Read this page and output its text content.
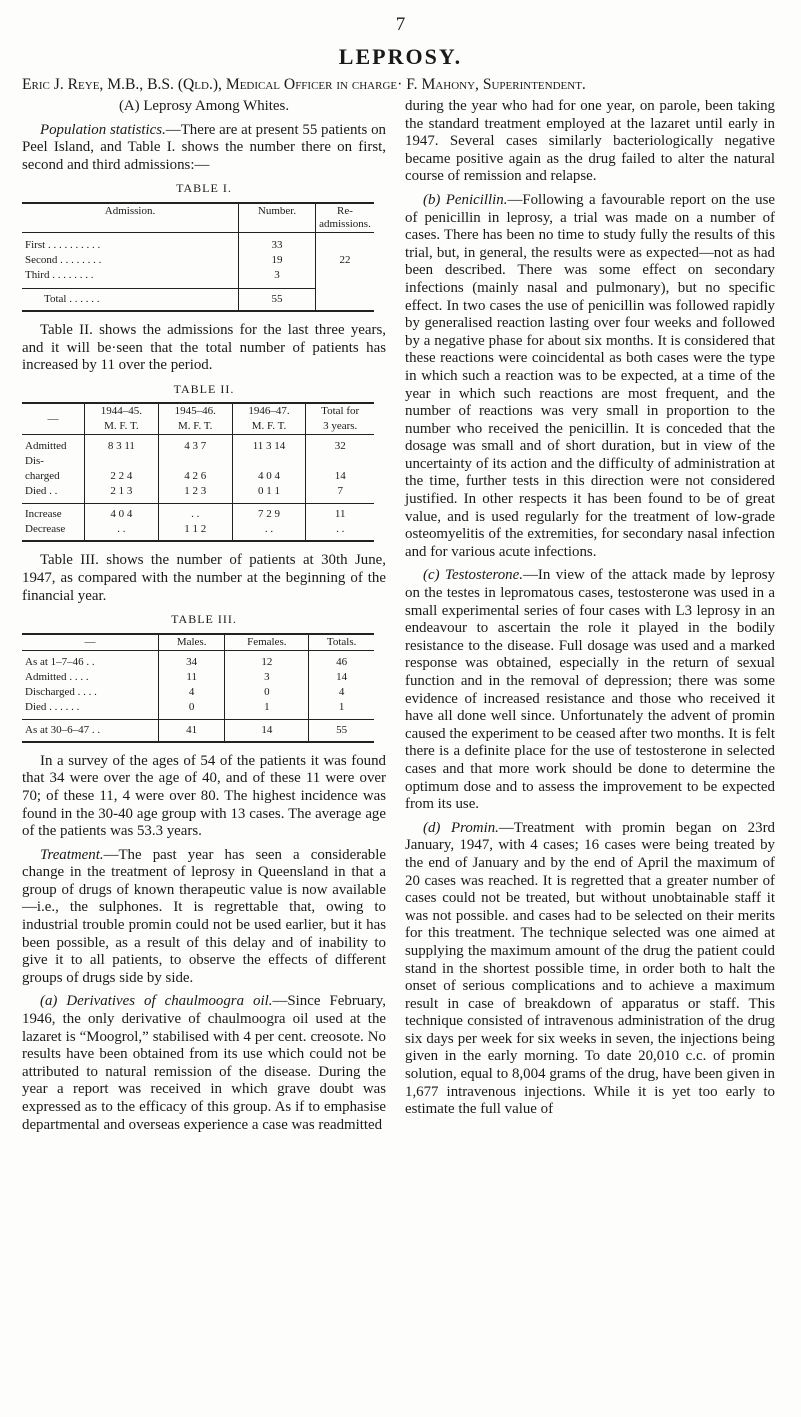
7
LEPROSY.
Eric J. Reye, M.B., B.S. (Qld.), Medical Officer in charge· F. Mahony, Superintendent.

(A) Leprosy Among Whites.

Population statistics.—There are at present 55 patients on Peel Island, and Table I. shows the number there on first, second and third admissions:—

TABLE I.
Admission.	Number.	Re-admissions.
First . . . . . . . . . .	33	22
Second . . . . . . . .	19	
Third . . . . . . . .	3	
Total . . . . . .	55	

Table II. shows the admissions for the last three years, and it will be·seen that the total number of patients has increased by 11 over the period.

TABLE II.
—	1944–45.	1945–46.	1946–47.	Total for
	M. F. T.	M. F. T.	M. F. T.	3 years.
Admitted	8 3 11	4 3 7	11 3 14	32
Dis-				
charged	2 2 4	4 2 6	4 0 4	14
Died . .	2 1 3	1 2 3	0 1 1	7
Increase	4 0 4	. .	7 2 9	11
Decrease	. .	1 1 2	. .	. .

Table III. shows the number of patients at 30th June, 1947, as compared with the number at the beginning of the financial year.

TABLE III.
—	Males.	Females.	Totals.
As at 1–7–46 . .	34	12	46
Admitted . . . .	11	3	14
Discharged . . . .	4	0	4
Died . . . . . .	0	1	1
As at 30–6–47 . .	41	14	55

In a survey of the ages of 54 of the patients it was found that 34 were over the age of 40, and of these 11 were over 70; of these 11, 4 were over 80. The highest incidence was found in the 30-40 age group with 13 cases. The average age of the patients was 53.3 years.

Treatment.—The past year has seen a considerable change in the treatment of leprosy in Queensland in that a group of drugs of known therapeutic value is now available—i.e., the sulphones. It is regrettable that, owing to industrial trouble promin could not be used earlier, but it has been possible, as a result of this delay and of inability to give it to all patients, to observe the effects of different groups of drugs side by side.

(a) Derivatives of chaulmoogra oil.—Since February, 1946, the only derivative of chaulmoogra oil used at the lazaret is “Moogrol,” stabilised with 4 per cent. creosote. No results have been obtained from its use which could not be attributed to natural remission of the disease. During the year a report was received in which grave doubt was expressed as to the efficacy of this group. As if to emphasise departmental and overseas experience a case was readmitted

during the year who had for one year, on parole, been taking the standard treatment employed at the lazaret until early in 1947. Several cases similarly bacteriologically negative became positive again as the drug failed to alter the natural course of remission and relapse.

(b) Penicillin.—Following a favourable report on the use of penicillin in leprosy, a trial was made on a number of cases. There has been no time to study fully the results of this trial, but, in general, the results were as expected—not as had been described. There was some effect on secondary infections (mainly nasal and pulmonary), but no specific effect. In two cases the use of penicillin was followed rapidly by generalised reaction lasting over four weeks and followed by a negative phase for about six months. It is considered that these reactions were coincidental as both cases were the type in which such a reaction was to be expected, at a time of the year in which such reactions are most frequent, and the number of reactions was very small in proportion to the number who received the penicillin. It is conceded that the dosage was small and of short duration, but in view of the uncertainty of its action and the difficulty of administration at the time, further tests in this direction were not considered justified. In other respects it has been found to be of great value, and is used regularly for the treatment of low-grade osteomyelitis of the extremities, for secondary nasal infection and for various acute infections.

(c) Testosterone.—In view of the attack made by leprosy on the testes in lepromatous cases, testosterone was used in a small experimental series of four cases with L3 leprosy in an endeavour to ascertain the role it played in the bodily resistance to the disease. Full dosage was used and a marked response was obtained, especially in the return of sexual function and in the removal of depression; there was some evidence of increased resistance and those who received it have all done well since. Unfortunately the advent of promin caused the experiment to be ceased after two months. It is felt there is a definite place for the use of testosterone in selected cases and that more work should be done to determine the optimum dose and to assess the improvement to be expected from its use.

(d) Promin.—Treatment with promin began on 23rd January, 1947, with 4 cases; 16 cases were being treated by the end of January and by the end of April the maximum of 20 cases was reached. It is regretted that a greater number of cases could not be treated, but without unobtainable staff it was not possible. and cases had to be selected on their merits for this treatment. The technique selected was one aimed at supplying the maximum amount of the drug the patient could stand in the shortest possible time, in order both to halt the onset of serious complications and to achieve a maximum result in case of breakdown of apparatus or staff. This technique consisted of intravenous administration of the drug six days per week for six weeks in seven, the injections being given in the early morning. To date 20,010 c.c. of promin solution, equal to 8,004 grams of the drug, have been given in 1,677 intravenous injections. While it is yet too early to estimate the full value of
